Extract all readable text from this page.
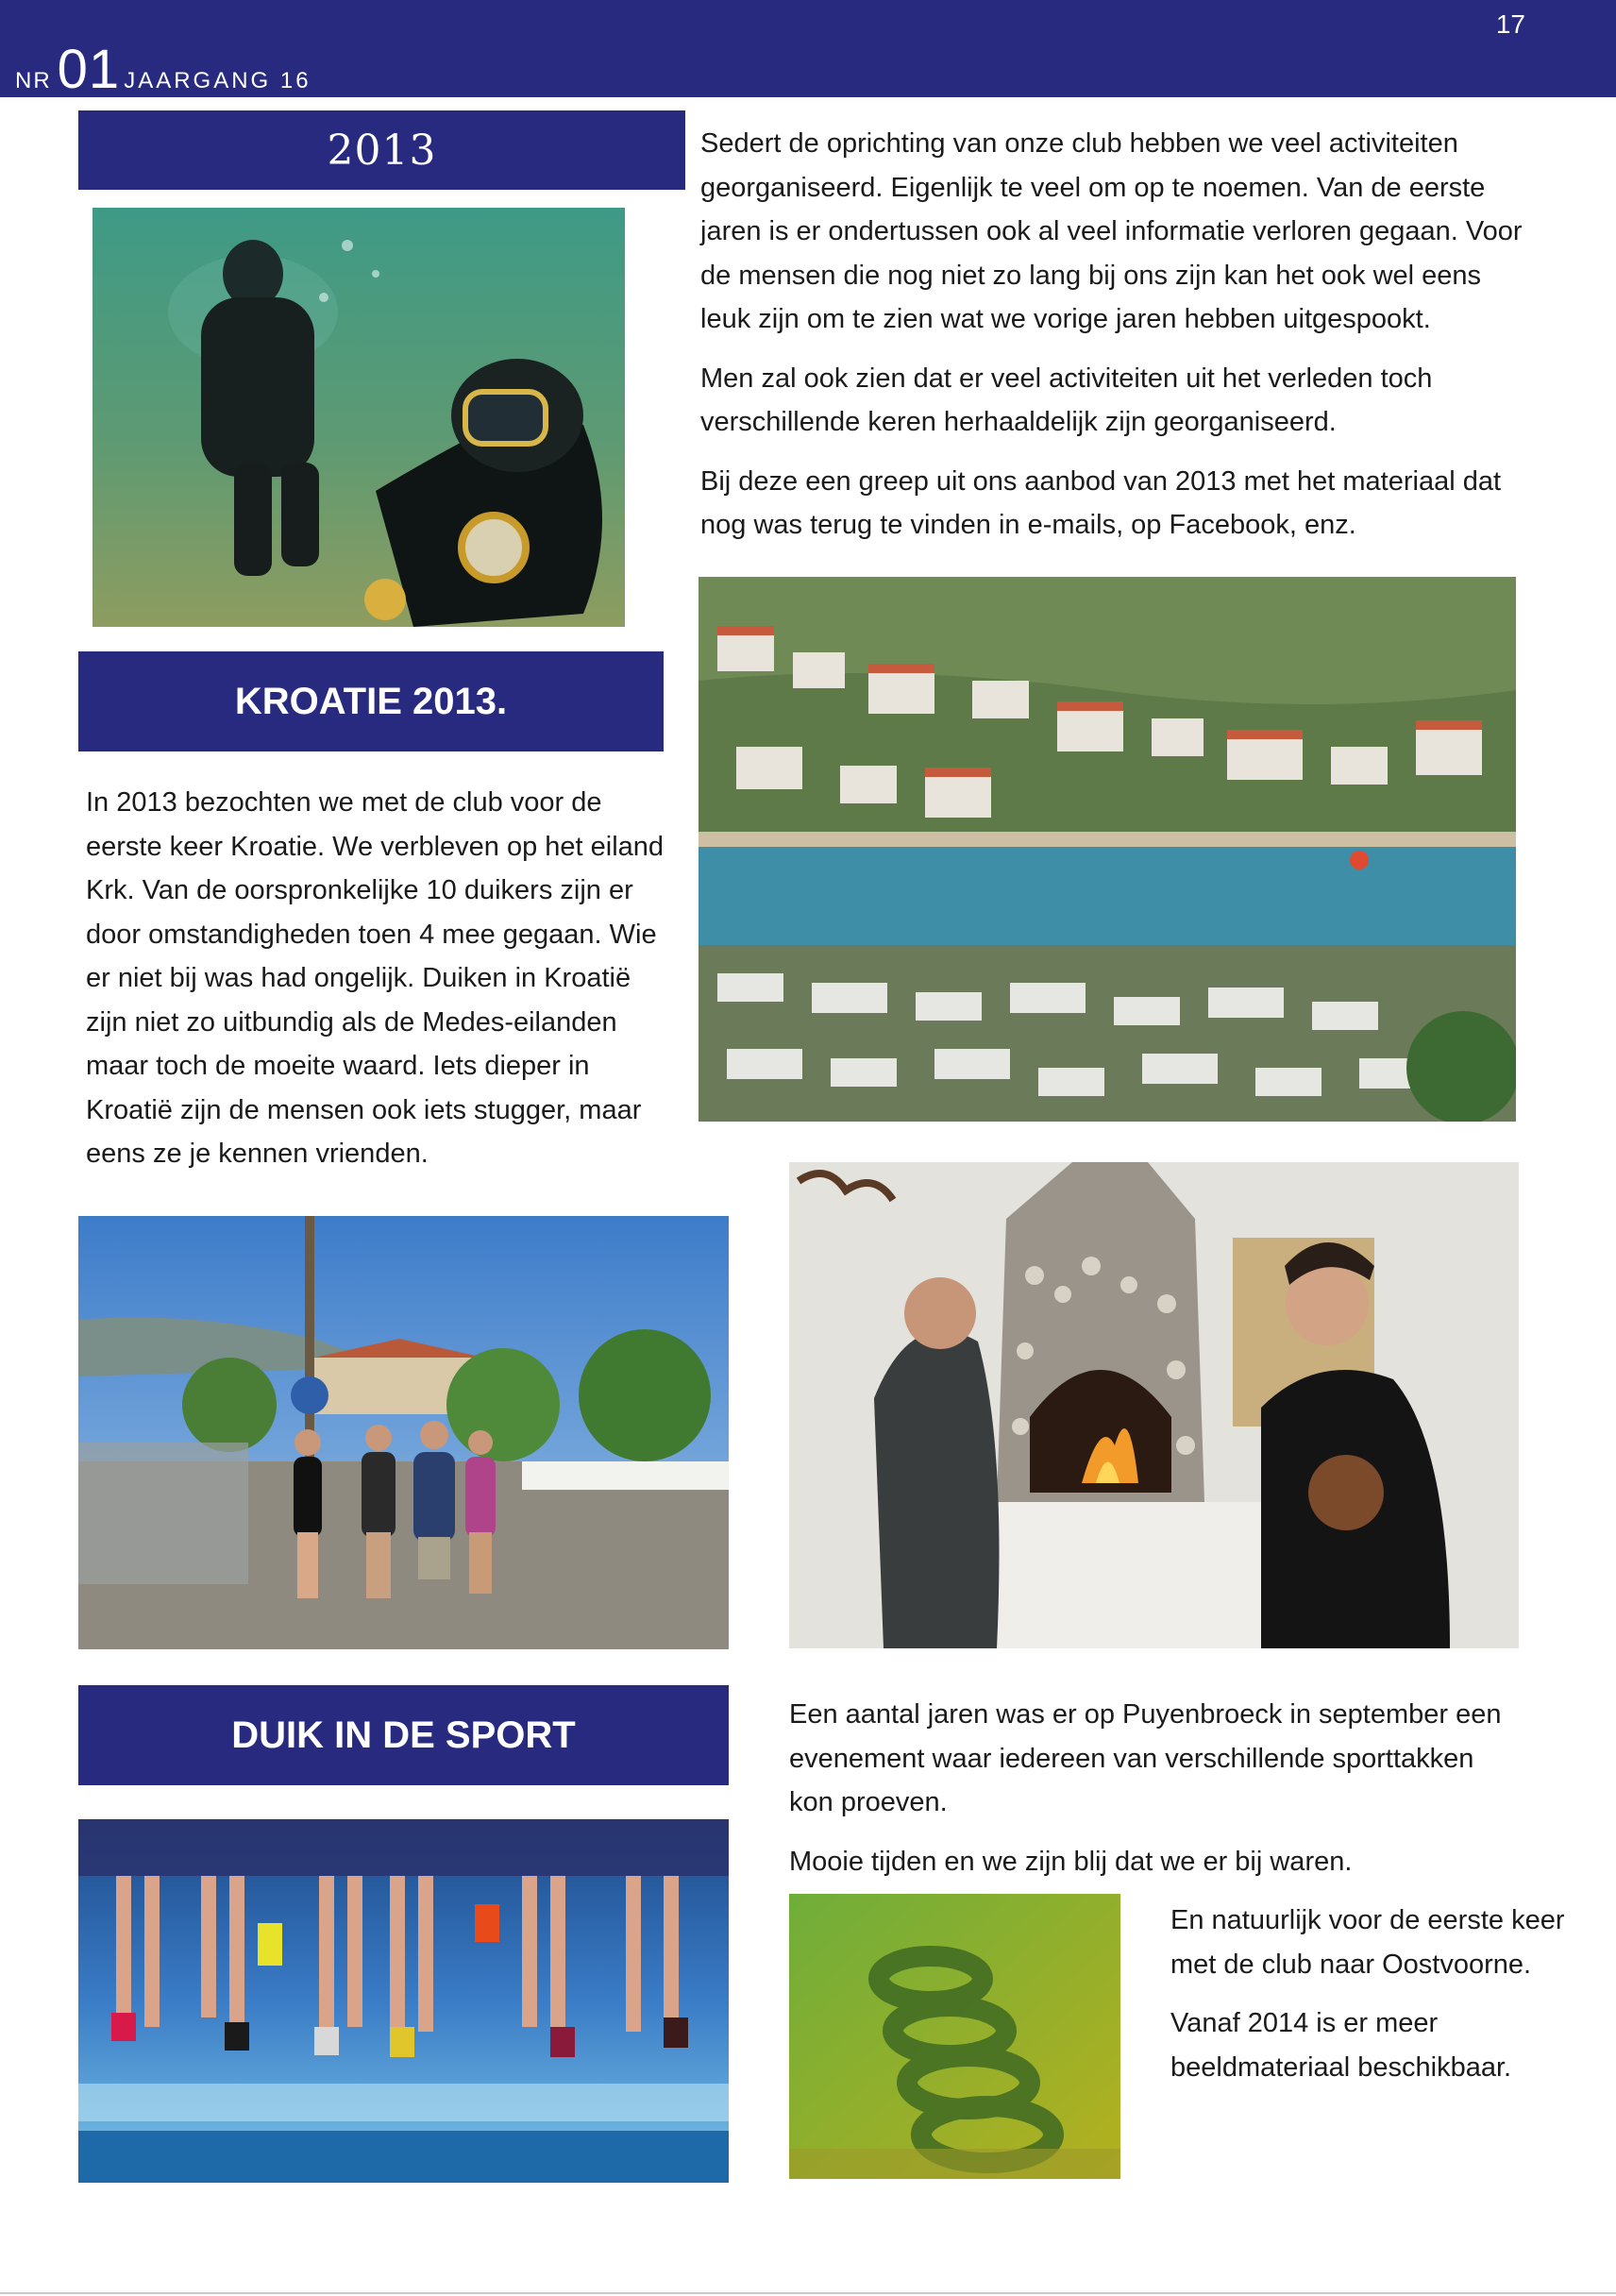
NR 01 JAARGANG 16
17
2013	Sedert de oprichting van onze club hebben we veel activiteiten georganiseerd. Eigenlijk te veel om op te noemen. Van de eerste jaren is er ondertussen ook al veel informatie verloren gegaan. Voor de mensen die nog niet zo lang bij ons zijn kan het ook wel eens leuk zijn om te zien wat we vorige jaren hebben uitgespookt.

Men zal ook zien dat er veel activiteiten uit het verleden toch verschillende keren herhaaldelijk zijn georganiseerd.

Bij deze een greep uit ons aanbod van 2013 met het materiaal dat nog was terug te vinden in e-mails, op Facebook, enz.

KROATIE 2013.

In 2013 bezochten we met de club voor de eerste keer Kroatie. We verbleven op het eiland Krk. Van de oorspronkelijke 10 duikers zijn er door omstandigheden toen 4 mee gegaan. Wie er niet bij was had ongelijk. Duiken in Kroatië zijn niet zo uitbundig als de Medes-eilanden maar toch de moeite waard. Iets dieper in Kroatië zijn de mensen ook iets stugger, maar eens ze je kennen vrienden.

DUIK IN DE SPORT	Een aantal jaren was er op Puyenbroeck in september een evenement waar iedereen van verschillende sporttakken kon proeven.

Mooie tijden en we zijn blij dat we er bij waren.

En natuurlijk voor de eerste keer met de club naar Oostvoorne.

Vanaf 2014 is er meer beeldmateriaal beschikbaar.
